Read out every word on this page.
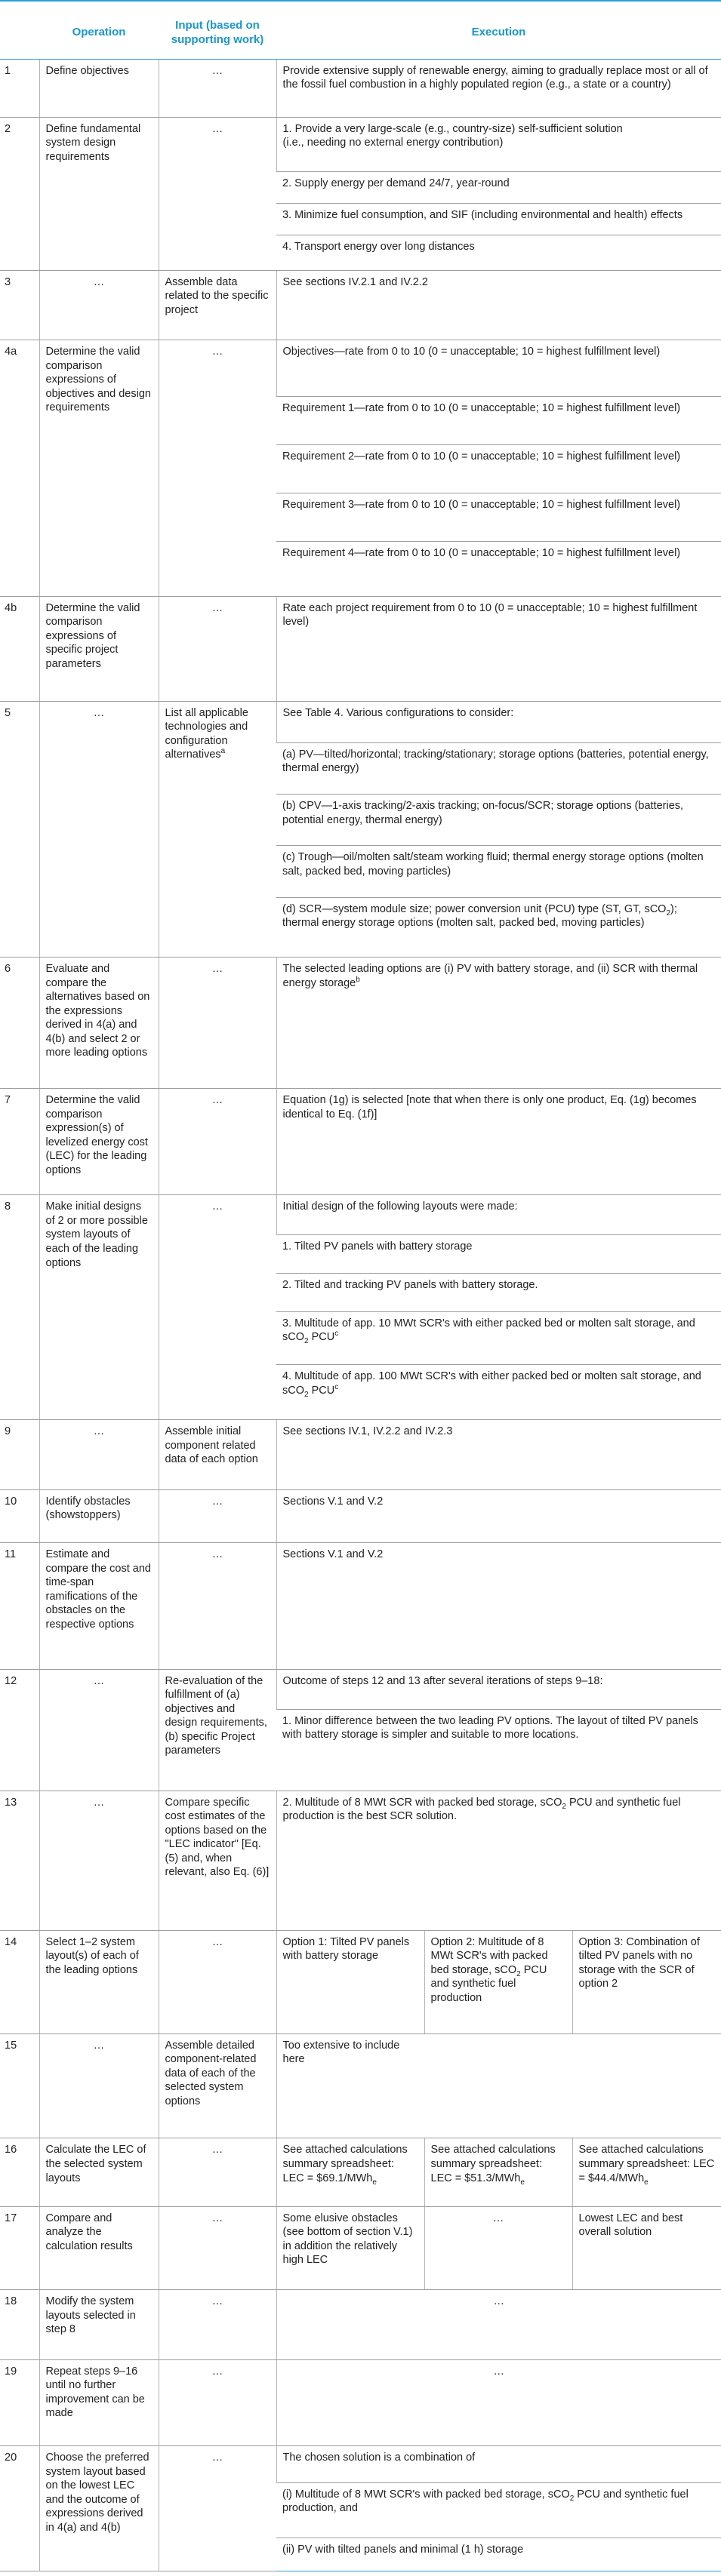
	Operation	Input (based on supporting work)	Execution		
1	Define objectives	…	Provide extensive supply of renewable energy, aiming to gradually replace most or all of the fossil fuel combustion in a highly populated region (e.g., a state or a country)		
2	Define fundamental system design requirements	…	1. Provide a very large-scale (e.g., country-size) self-sufficient solution
(i.e., needing no external energy contribution)		
			2. Supply energy per demand 24/7, year-round		
			3. Minimize fuel consumption, and SIF (including environmental and health) effects		
			4. Transport energy over long distances		
3	…	Assemble data related to the specific project	See sections IV.2.1 and IV.2.2		
4a	Determine the valid comparison expressions of objectives and design requirements	…	Objectives—rate from 0 to 10 (0 = unacceptable; 10 = highest fulfillment level)		
			Requirement 1—rate from 0 to 10 (0 = unacceptable; 10 = highest fulfillment level)		
			Requirement 2—rate from 0 to 10 (0 = unacceptable; 10 = highest fulfillment level)		
			Requirement 3—rate from 0 to 10 (0 = unacceptable; 10 = highest fulfillment level)		
			Requirement 4—rate from 0 to 10 (0 = unacceptable; 10 = highest fulfillment level)		
4b	Determine the valid comparison expressions of specific project parameters	…	Rate each project requirement from 0 to 10 (0 = unacceptable; 10 = highest fulfillment level)		
5	…	List all applicable technologies and configuration alternatives$^a$	See Table 4. Various configurations to consider:		
			(a) PV—tilted/horizontal; tracking/stationary; storage options (batteries, potential energy, thermal energy)		
			(b) CPV—1-axis tracking/2-axis tracking; on-focus/SCR; storage options (batteries, potential energy, thermal energy)		
			(c) Trough—oil/molten salt/steam working fluid; thermal energy storage options (molten salt, packed bed, moving particles)		
			(d) SCR—system module size; power conversion unit (PCU) type (ST, GT, sCO$_2$); thermal energy storage options (molten salt, packed bed, moving particles)		
6	Evaluate and compare the alternatives based on the expressions derived in 4(a) and 4(b) and select 2 or more leading options	…	The selected leading options are (i) PV with battery storage, and (ii) SCR with thermal energy storage$^b$
7	Determine the valid comparison expression(s) of levelized energy cost (LEC) for the leading options	…	Equation (1g) is selected [note that when there is only one product, Eq. (1g) becomes identical to Eq. (1f)]		
8	Make initial designs of 2 or more possible system layouts of each of the leading options	…	Initial design of the following layouts were made:		
			1. Tilted PV panels with battery storage		
			2. Tilted and tracking PV panels with battery storage.		
			3. Multitude of app. 10 MWt SCR's with either packed bed or molten salt storage, and sCO$_2$ PCU$^c$
			4. Multitude of app. 100 MWt SCR's with either packed bed or molten salt storage, and sCO$_2$ PCU$^c$
9	…	Assemble initial component related data of each option	See sections IV.1, IV.2.2 and IV.2.3		
10	Identify obstacles (showstoppers)	…	Sections V.1 and V.2		
11	Estimate and compare the cost and time-span ramifications of the obstacles on the respective options	…	Sections V.1 and V.2		
12	…	Re-evaluation of the fulfillment of (a) objectives and design requirements, (b) specific Project parameters	Outcome of steps 12 and 13 after several iterations of steps 9–18:		
			1. Minor difference between the two leading PV options. The layout of tilted PV panels with battery storage is simpler and suitable to more locations.		
13	…	Compare specific cost estimates of the options based on the "LEC indicator" [Eq. (5) and, when relevant, also Eq. (6)]	2. Multitude of 8 MWt SCR with packed bed storage, sCO$_2$ PCU and synthetic fuel production is the best SCR solution.		
14	Select 1–2 system layout(s) of each of the leading options	…	Option 1: Tilted PV panels with battery storage	Option 2: Multitude of 8 MWt SCR's with packed bed storage, sCO$_2$ PCU and synthetic fuel production	Option 3: Combination of tilted PV panels with no storage with the SCR of option 2
15	…	Assemble detailed component-related data of each of the selected system options	Too extensive to include here		
16	Calculate the LEC of the selected system layouts	…	See attached calculations summary spreadsheet: LEC = $69.1/MWh$_e$	See attached calculations summary spreadsheet: LEC = $51.3/MWh$_e$	See attached calculations summary spreadsheet: LEC = $44.4/MWh$_e$
17	Compare and analyze the calculation results	…	Some elusive obstacles (see bottom of section V.1) in addition the relatively high LEC	…	Lowest LEC and best overall solution
18	Modify the system layouts selected in step 8	…	…		
19	Repeat steps 9–16 until no further improvement can be made	…	…		
20	Choose the preferred system layout based on the lowest LEC and the outcome of expressions derived in 4(a) and 4(b)	…	The chosen solution is a combination of		
			(i) Multitude of 8 MWt SCR's with packed bed storage, sCO$_2$ PCU and synthetic fuel production, and		
			(ii) PV with tilted panels and minimal (1 h) storage		
